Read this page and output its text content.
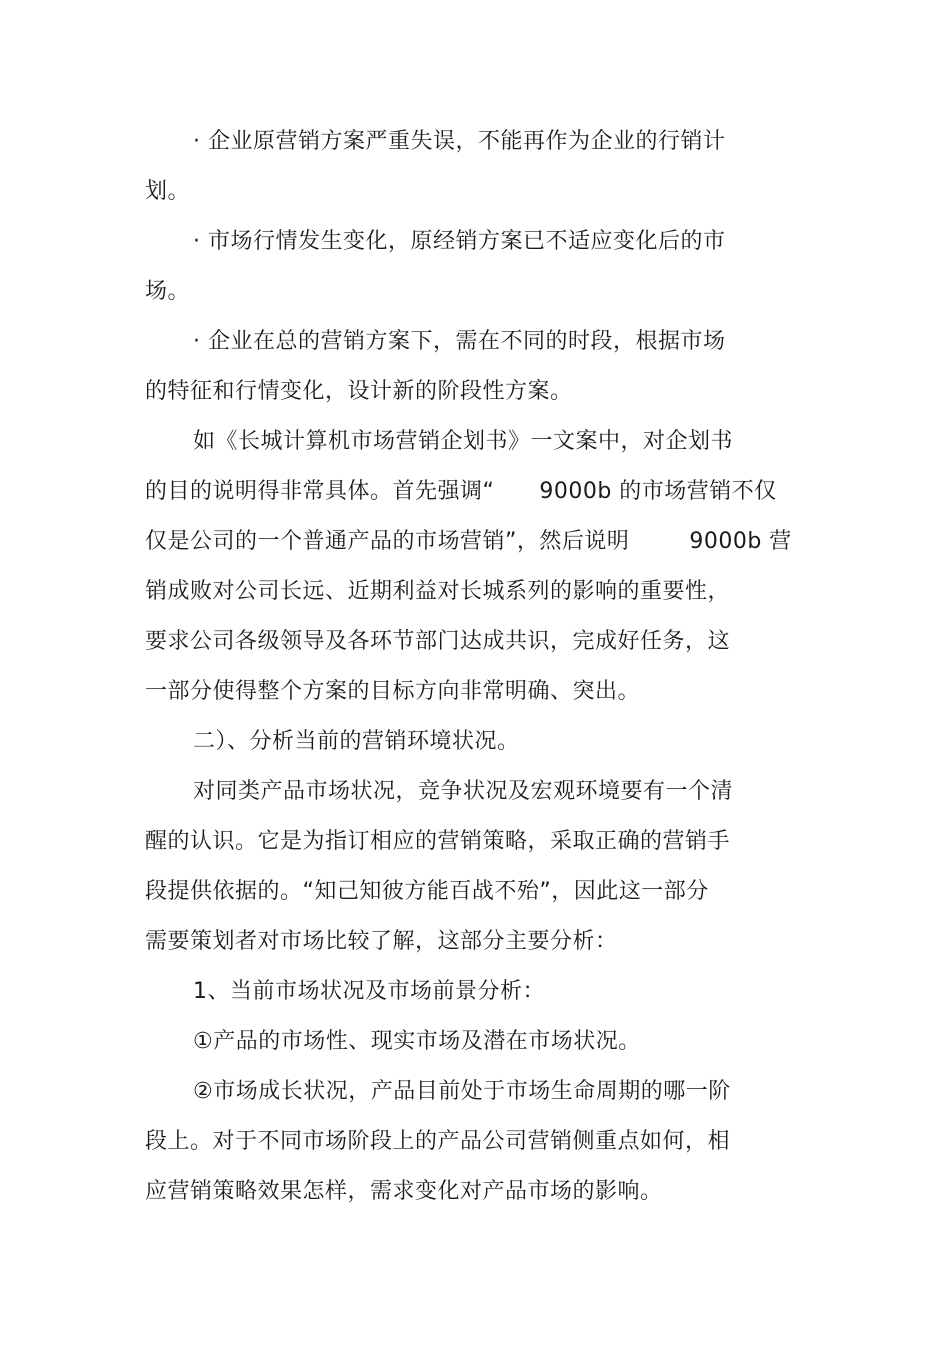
· 企业原营销方案严重失误，不能再作为企业的行销计
划。
· 市场行情发生变化，原经销方案已不适应变化后的市
场。
· 企业在总的营销方案下，需在不同的时段，根据市场
的特征和行情变化，设计新的阶段性方案。
如《长城计算机市场营销企划书》一文案中，对企划书
的目的说明得非常具体。首先强调“      9000b 的市场营销不仅
仅是公司的一个普通产品的市场营销”，然后说明        9000b 营
销成败对公司长远、近期利益对长城系列的影响的重要性，
要求公司各级领导及各环节部门达成共识，完成好任务，这
一部分使得整个方案的目标方向非常明确、突出。
二）、分析当前的营销环境状况。
对同类产品市场状况，竞争状况及宏观环境要有一个清
醒的认识。它是为指订相应的营销策略，采取正确的营销手
段提供依据的。“知己知彼方能百战不殆”，因此这一部分
需要策划者对市场比较了解，这部分主要分析：
1、当前市场状况及市场前景分析：
①产品的市场性、现实市场及潜在市场状况。
②市场成长状况，产品目前处于市场生命周期的哪一阶
段上。对于不同市场阶段上的产品公司营销侧重点如何，相
应营销策略效果怎样，需求变化对产品市场的影响。
